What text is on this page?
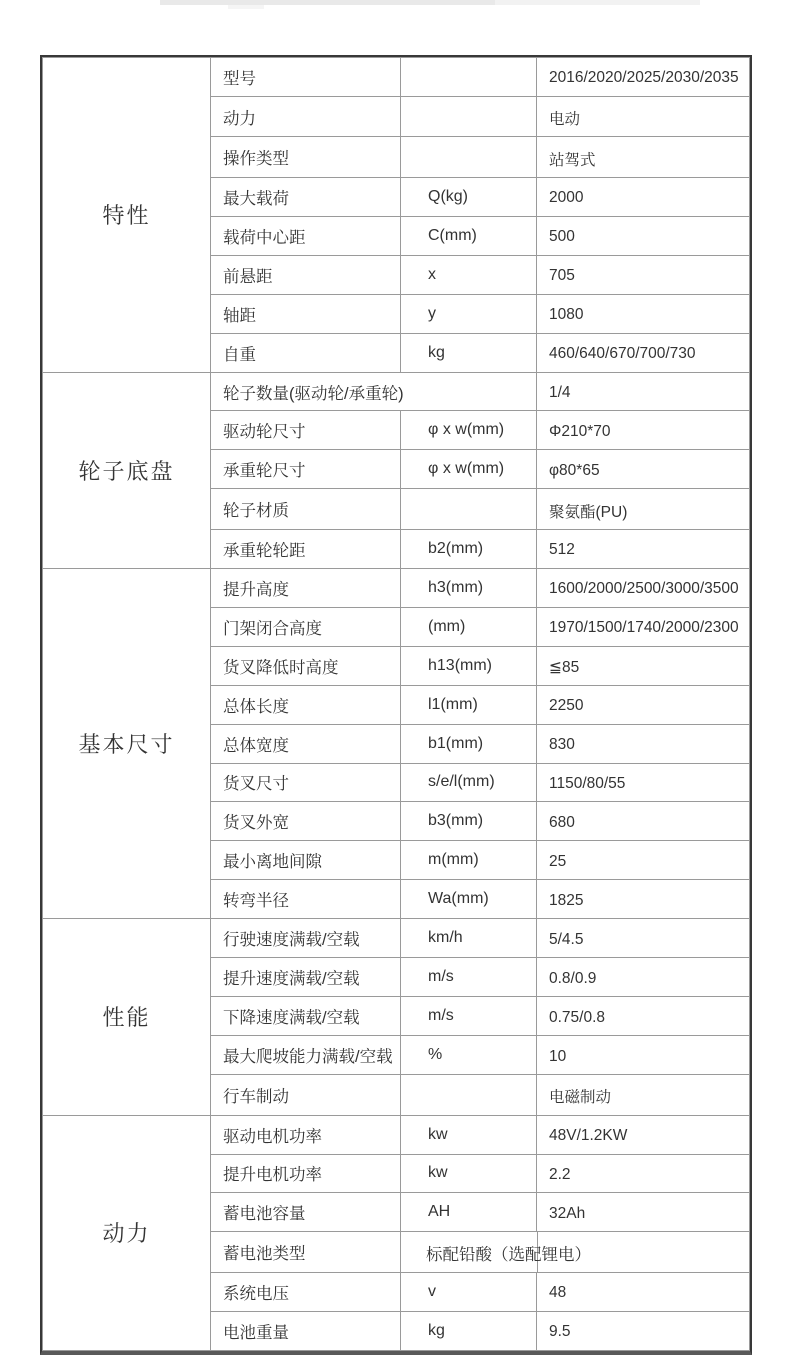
特性	型号		2016/2020/2025/2030/2035
	动力		电动
	操作类型		站驾式
	最大载荷	Q(kg)	2000
	载荷中心距	C(mm)	500
	前悬距	x	705
	轴距	y	1080
	自重	kg	460/640/670/700/730
轮子底盘	轮子数量(驱动轮/承重轮)		1/4
	驱动轮尺寸	φ x w(mm)	Φ210*70
	承重轮尺寸	φ x w(mm)	φ80*65
	轮子材质		聚氨酯(PU)
	承重轮轮距	b2(mm)	512
基本尺寸	提升高度	h3(mm)	1600/2000/2500/3000/3500
	门架闭合高度	(mm)	1970/1500/1740/2000/2300
	货叉降低时高度	h13(mm)	≦85
	总体长度	l1(mm)	2250
	总体宽度	b1(mm)	830
	货叉尺寸	s/e/l(mm)	1150/80/55
	货叉外宽	b3(mm)	680
	最小离地间隙	m(mm)	25
	转弯半径	Wa(mm)	1825
性能	行驶速度满载/空载	km/h	5/4.5
	提升速度满载/空载	m/s	0.8/0.9
	下降速度满载/空载	m/s	0.75/0.8
	最大爬坡能力满载/空载	%	10
	行车制动		电磁制动
动力	驱动电机功率	kw	48V/1.2KW
	提升电机功率	kw	2.2
	蓄电池容量	AH	32Ah
	蓄电池类型	标配铅酸（选配锂电）	
	系统电压	v	48
	电池重量	kg	9.5
